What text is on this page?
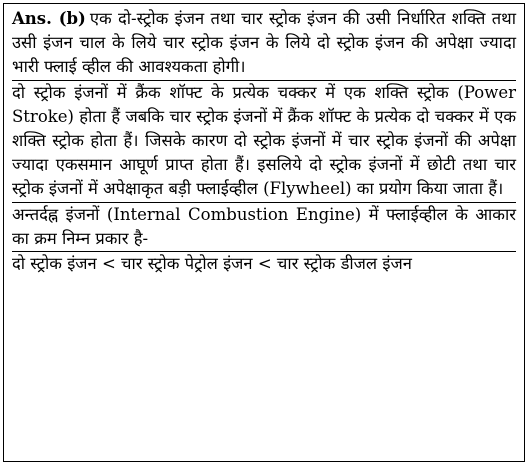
Ans. (b) एक दो-स्ट्रोक इंजन तथा चार स्ट्रोक इंजन की उसी निर्धारित शक्ति तथा उसी इंजन चाल के लिये चार स्ट्रोक इंजन के लिये दो स्ट्रोक इंजन की अपेक्षा ज्यादा भारी फ्लाई व्हील की आवश्यकता होगी।

दो स्ट्रोक इंजनों में क्रैंक शॉफ्ट के प्रत्येक चक्कर में एक शक्ति स्ट्रोक (Power Stroke) होता हैं जबकि चार स्ट्रोक इंजनों में क्रैंक शॉफ्ट के प्रत्येक दो चक्कर में एक शक्ति स्ट्रोक होता हैं। जिसके कारण दो स्ट्रोक इंजनों में चार स्ट्रोक इंजनों की अपेक्षा ज्यादा एकसमान आघूर्ण प्राप्त होता हैं। इसलिये दो स्ट्रोक इंजनों में छोटी तथा चार स्ट्रोक इंजनों में अपेक्षाकृत बड़ी फ्लाईव्हील (Flywheel) का प्रयोग किया जाता हैं।

अन्तर्दह्न इंजनों (Internal Combustion Engine) में फ्लाईव्हील के आकार का क्रम निम्न प्रकार है-

दो स्ट्रोक इंजन < चार स्ट्रोक पेट्रोल इंजन < चार स्ट्रोक डीजल इंजन
